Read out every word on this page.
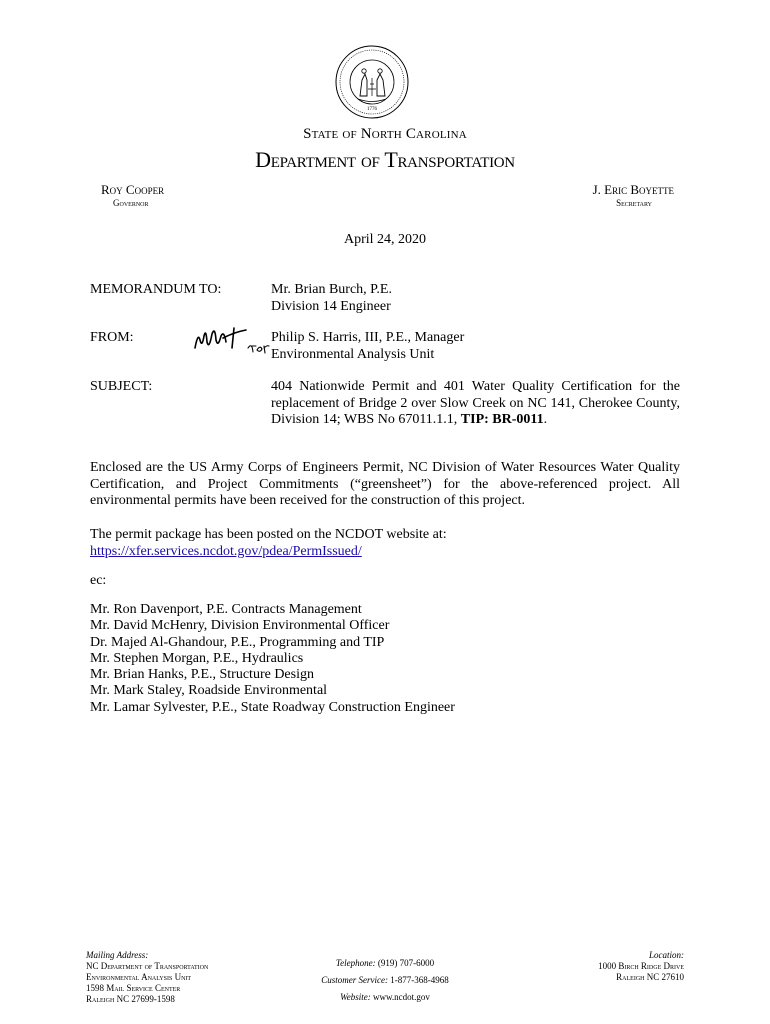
1776
State of North Carolina
Department of Transportation
Roy Cooper
Governor
J. Eric Boyette
Secretary
April 24, 2020
MEMORANDUM TO:	Mr. Brian Burch, P.E.
Division 14 Engineer
FROM:	Philip S. Harris, III, P.E., Manager
Environmental Analysis Unit
SUBJECT:	404 Nationwide Permit and 401 Water Quality Certification for the replacement of Bridge 2 over Slow Creek on NC 141, Cherokee County, Division 14; WBS No 67011.1.1, TIP: BR-0011.
Enclosed are the US Army Corps of Engineers Permit, NC Division of Water Resources Water Quality Certification, and Project Commitments (“greensheet”) for the above-referenced project. All environmental permits have been received for the construction of this project.
The permit package has been posted on the NCDOT website at:
https://xfer.services.ncdot.gov/pdea/PermIssued/
ec:
Mr. Ron Davenport, P.E. Contracts Management
Mr. David McHenry, Division Environmental Officer
Dr. Majed Al-Ghandour, P.E., Programming and TIP
Mr. Stephen Morgan, P.E., Hydraulics
Mr. Brian Hanks, P.E., Structure Design
Mr. Mark Staley, Roadside Environmental
Mr. Lamar Sylvester, P.E., State Roadway Construction Engineer
Mailing Address:
NC Department of Transportation
Environmental Analysis Unit
1598 Mail Service Center
Raleigh NC 27699-1598
Telephone: (919) 707-6000
Customer Service: 1-877-368-4968
Website: www.ncdot.gov
Location:
1000 Birch Ridge Drive
Raleigh NC 27610
